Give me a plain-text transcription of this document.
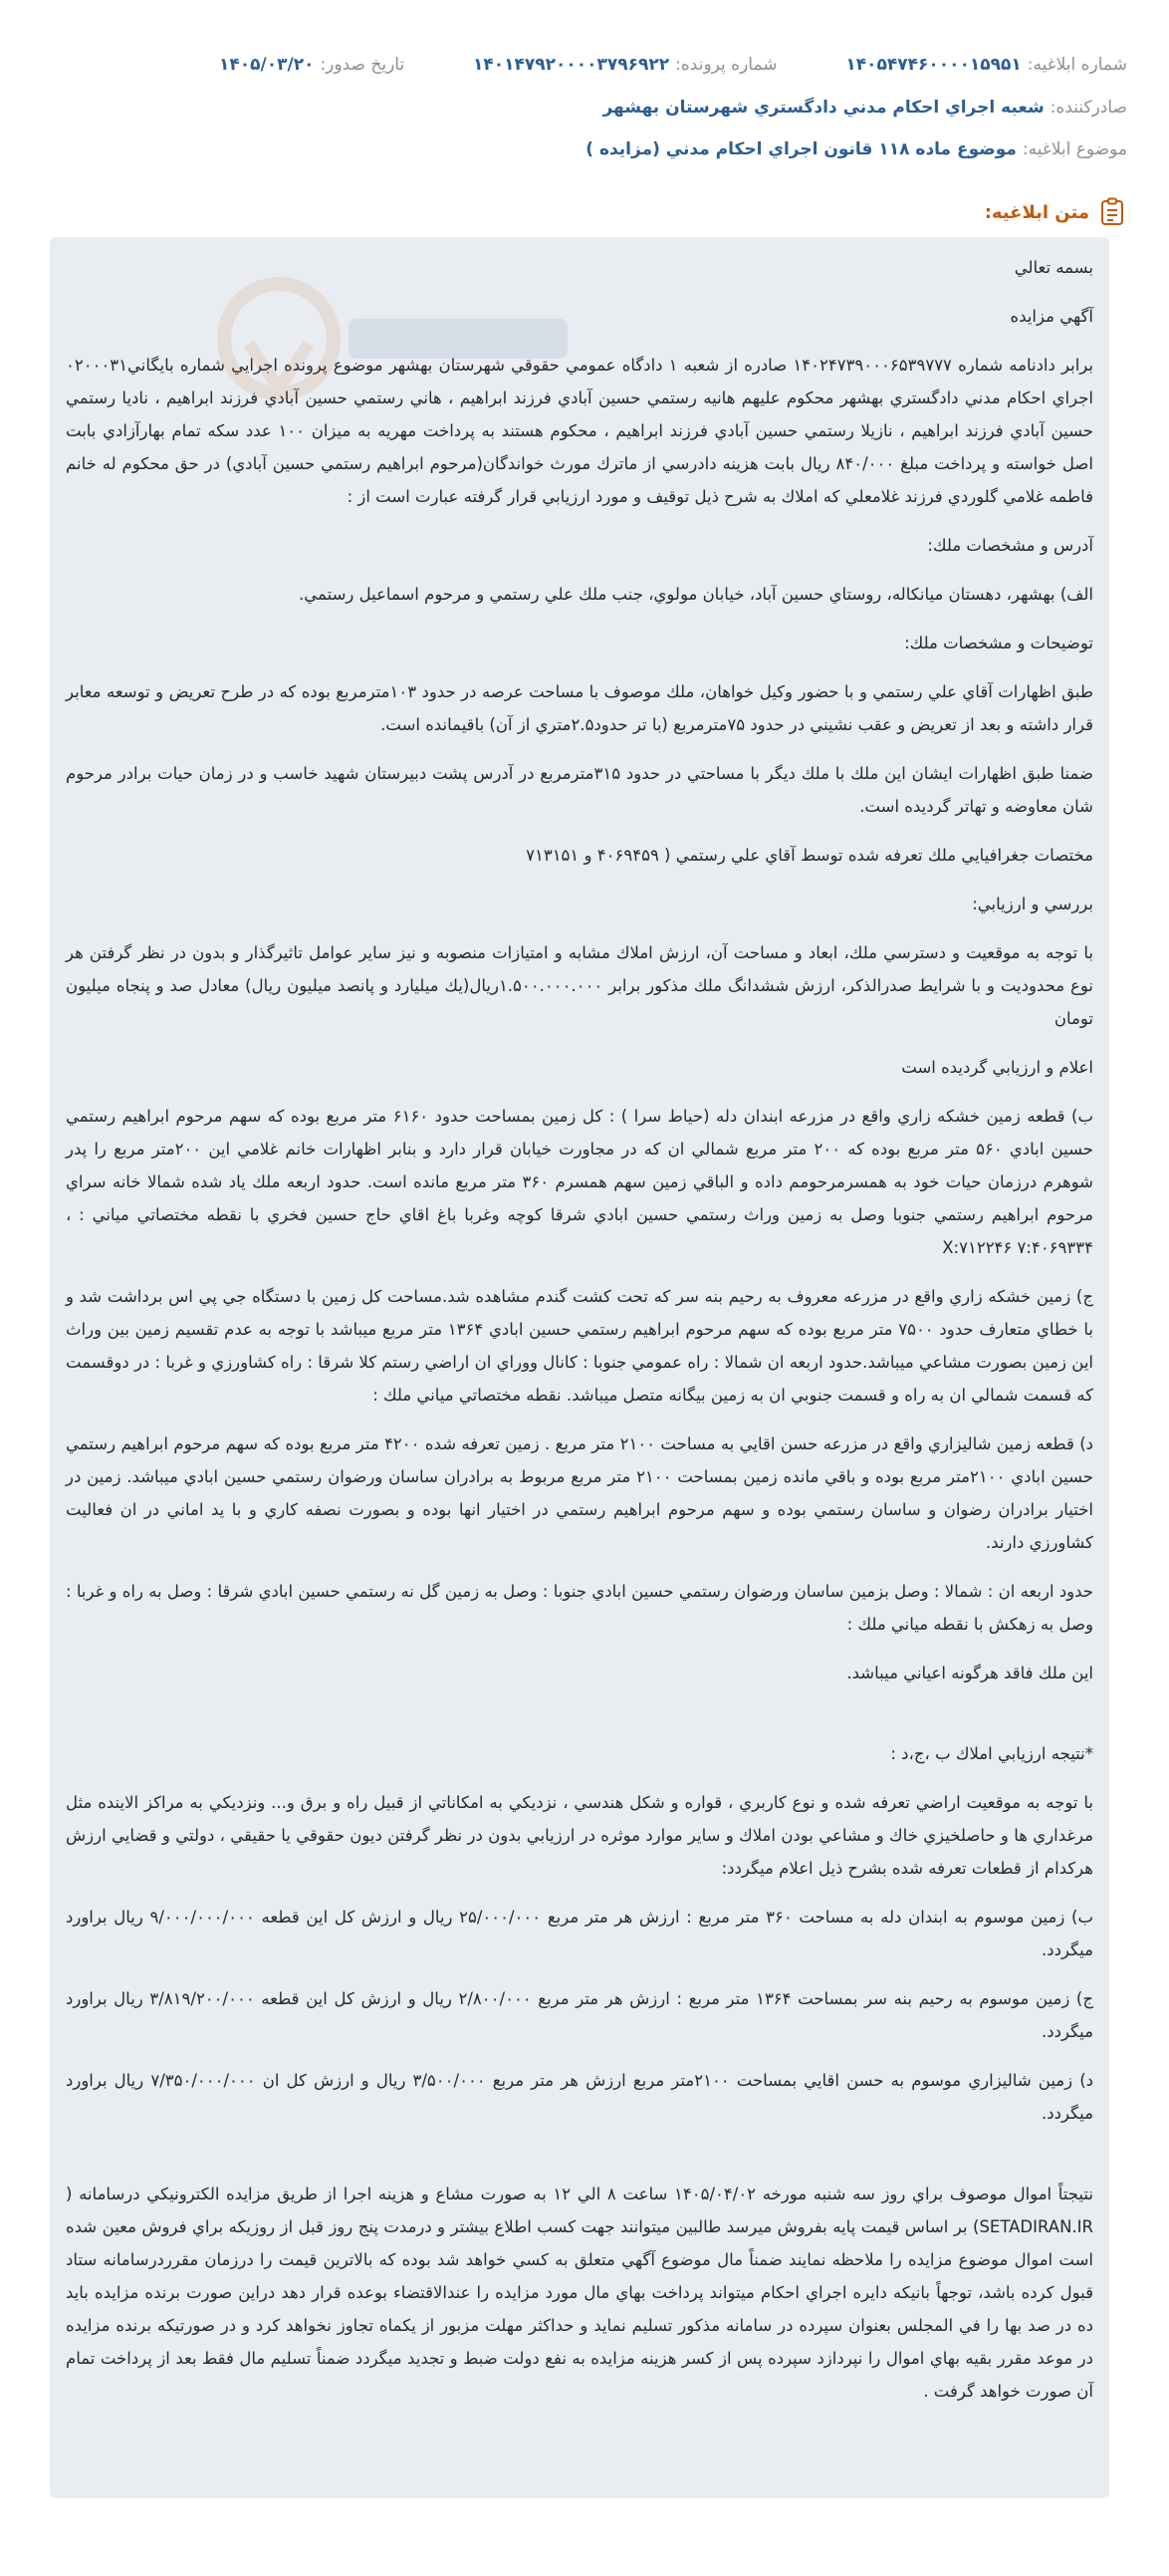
شماره ابلاغیه:
۱۴۰۵۴۷۴۶۰۰۰۰۱۵۹۵۱
شماره پرونده:
۱۴۰۱۴۷۹۲۰۰۰۰۳۷۹۶۹۲۲
تاریخ صدور:
۱۴۰۵/۰۳/۲۰
صادرکننده:
شعبه اجراي احكام مدني دادگستري شهرستان بهشهر
موضوع ابلاغیه:
موضوع ماده ۱۱۸ قانون اجراي احكام مدني (مزايده )
متن ابلاغیه:

بسمه تعالي

آگهي مزايده

برابر دادنامه شماره ۱۴۰۲۴۷۳۹۰۰۰۶۵۳۹۷۷۷ صادره از شعبه ۱ دادگاه عمومي حقوقي شهرستان بهشهر موضوع پرونده اجرايي شماره بايگاني۰۲۰۰۰۳۱ اجراي احكام مدني دادگستري بهشهر محكوم عليهم هانيه رستمي حسين آبادي فرزند ابراهيم ، هاني رستمي حسين آبادي فرزند ابراهيم ، ناديا رستمي حسين آبادي فرزند ابراهيم ، نازيلا رستمي حسين آبادي فرزند ابراهيم ، محكوم هستند به پرداخت مهريه به ميزان ۱۰۰ عدد سكه تمام بهارآزادي بابت اصل خواسته و پرداخت مبلغ ۸۴۰/۰۰۰ ريال بابت هزينه دادرسي از ماترك مورث خواندگان(مرحوم ابراهيم رستمي حسين آبادي) در حق محكوم له خانم فاطمه غلامي گلوردي فرزند غلامعلي كه املاك به شرح ذيل توقيف و مورد ارزيابي قرار گرفته عبارت است از :

آدرس و مشخصات ملك:

الف) بهشهر، دهستان ميانكاله، روستاي حسين آباد، خيابان مولوي، جنب ملك علي رستمي و مرحوم اسماعيل رستمي.

توضيحات و مشخصات ملك:

طبق اظهارات آقاي علي رستمي و با حضور وكيل خواهان، ملك موصوف با مساحت عرصه در حدود ۱۰۳مترمربع بوده كه در طرح تعريض و توسعه معابر قرار داشته و بعد از تعريض و عقب نشيني در حدود ۷۵مترمربع (با تر حدود۲.۵متري از آن) باقيمانده است.

ضمنا طبق اظهارات ايشان اين ملك با ملك ديگر با مساحتي در حدود ۳۱۵مترمربع در آدرس پشت دبيرستان شهيد خاسب و در زمان حيات برادر مرحوم شان معاوضه و تهاتر گرديده است.

مختصات جغرافيايي ملك تعرفه شده توسط آقاي علي رستمي ( ۴۰۶۹۴۵۹ و ۷۱۳۱۵۱

بررسي و ارزيابي:

با توجه به موقعيت و دسترسي ملك، ابعاد و مساحت آن، ارزش املاك مشابه و امتيازات منصوبه و نيز ساير عوامل تاثيرگذار و بدون در نظر گرفتن هر نوع محدوديت و با شرايط صدرالذكر، ارزش ششدانگ ملك مذكور برابر ۱.۵۰۰.۰۰۰.۰۰۰ريال(يك ميليارد و پانصد ميليون ريال) معادل صد و پنجاه ميليون تومان

اعلام و ارزيابي گرديده است

ب) قطعه زمين خشكه زاري واقع در مزرعه ابندان دله (حياط سرا ) : كل زمين بمساحت حدود ۶۱۶۰ متر مربع بوده كه سهم مرحوم ابراهيم رستمي حسين ابادي ۵۶۰ متر مربع بوده كه ۲۰۰ متر مربع شمالي ان كه در مجاورت خيابان قرار دارد و بنابر اظهارات خانم غلامي اين ۲۰۰متر مربع را پدر شوهرم درزمان حيات خود به همسرمرحومم داده و الباقي زمين سهم همسرم ۳۶۰ متر مربع مانده است. حدود اربعه ملك ياد شده شمالا خانه سراي مرحوم ابراهيم رستمي جنوبا وصل به زمين وراث رستمي حسين ابادي شرقا كوچه وغربا باغ اقاي حاج حسين فخري با نقطه مختصاتي مياني : ، X:۷۱۲۲۴۶ ۷:۴۰۶۹۳۳۴

ج) زمين خشكه زاري واقع در مزرعه معروف به رحيم بنه سر كه تحت كشت گندم مشاهده شد.مساحت كل زمين با دستگاه جي پي اس برداشت شد و با خطاي متعارف حدود ۷۵۰۰ متر مربع بوده كه سهم مرحوم ابراهيم رستمي حسين ابادي ۱۳۶۴ متر مربع ميباشد با توجه به عدم تقسيم زمين بين وراث اين زمين بصورت مشاعي ميباشد.حدود اربعه ان شمالا : راه عمومي جنوبا : كانال ووراي ان اراضي رستم كلا شرقا : راه كشاورزي و غربا : در دوقسمت كه قسمت شمالي ان به راه و قسمت جنوبي ان به زمين بيگانه متصل ميباشد. نقطه مختصاتي مياني ملك :

د) قطعه زمين شاليزاري واقع در مزرعه حسن اقايي به مساحت ۲۱۰۰ متر مربع . زمين تعرفه شده ۴۲۰۰ متر مربع بوده كه سهم مرحوم ابراهيم رستمي حسين ابادي ۲۱۰۰متر مربع بوده و باقي مانده زمين بمساحت ۲۱۰۰ متر مربع مربوط به برادران ساسان ورضوان رستمي حسين ابادي ميباشد. زمين در اختيار برادران رضوان و ساسان رستمي بوده و سهم مرحوم ابراهيم رستمي در اختيار انها بوده و بصورت نصفه كاري و با يد اماني در ان فعاليت كشاورزي دارند.

حدود اربعه ان : شمالا : وصل بزمين ساسان ورضوان رستمي حسين ابادي جنوبا : وصل به زمين گل نه رستمي حسين ابادي شرقا : وصل به راه و غربا : وصل به زهكش با نقطه مياني ملك :

اين ملك فاقد هرگونه اعياني ميباشد.

*نتيجه ارزيابي املاك ب ،ج،د :

با توجه به موقعيت اراضي تعرفه شده و نوع كاربري ، قواره و شكل هندسي ، نزديكي به امكاناتي از قبيل راه و برق و... ونزديكي به مراكز الاينده مثل مرغداري ها و حاصلخيزي خاك و مشاعي بودن املاك و ساير موارد موثره در ارزيابي بدون در نظر گرفتن ديون حقوقي يا حقيقي ، دولتي و قضايي ارزش هركدام از قطعات تعرفه شده بشرح ذيل اعلام ميگردد:

ب) زمين موسوم به ابندان دله به مساحت ۳۶۰ متر مربع : ارزش هر متر مربع ۲۵/۰۰۰/۰۰۰ ريال و ارزش كل اين قطعه ۹/۰۰۰/۰۰۰/۰۰۰ ريال براورد ميگردد.

ج) زمين موسوم به رحيم بنه سر بمساحت ۱۳۶۴ متر مربع : ارزش هر متر مربع ۲/۸۰۰/۰۰۰ ريال و ارزش كل اين قطعه ۳/۸۱۹/۲۰۰/۰۰۰ ريال براورد ميگردد.

د) زمين شاليزاري موسوم به حسن اقايي بمساحت ۲۱۰۰متر مربع ارزش هر متر مربع ۳/۵۰۰/۰۰۰ ريال و ارزش كل ان ۷/۳۵۰/۰۰۰/۰۰۰ ريال براورد ميگردد.

نتيجتاً اموال موصوف براي روز سه شنبه مورخه ۱۴۰۵/۰۴/۰۲ ساعت ۸ الي ۱۲ به صورت مشاع و هزينه اجرا از طريق مزايده الكترونيكي درسامانه ( SETADIRAN.IR) بر اساس قيمت پايه بفروش ميرسد طالبين ميتوانند جهت كسب اطلاع بيشتر و درمدت پنج روز قبل از روزيكه براي فروش معين شده است اموال موضوع مزايده را ملاحظه نمايند ضمناً مال موضوع آگهي متعلق به كسي خواهد شد بوده كه بالاترين قيمت را درزمان مقرردرسامانه ستاد قبول كرده باشد، توجهاً بانيكه دايره اجراي احكام ميتواند پرداخت بهاي مال مورد مزايده را عندالاقتضاء بوعده قرار دهد دراين صورت برنده مزايده بايد ده در صد بها را في المجلس بعنوان سپرده در سامانه مذكور تسليم نمايد و حداكثر مهلت مزبور از يكماه تجاوز نخواهد كرد و در صورتيكه برنده مزايده در موعد مقرر بقيه بهاي اموال را نپردازد سپرده پس از كسر هزينه مزايده به نفع دولت ضبط و تجديد ميگردد ضمناً تسليم مال فقط بعد از پرداخت تمام آن صورت خواهد گرفت .
